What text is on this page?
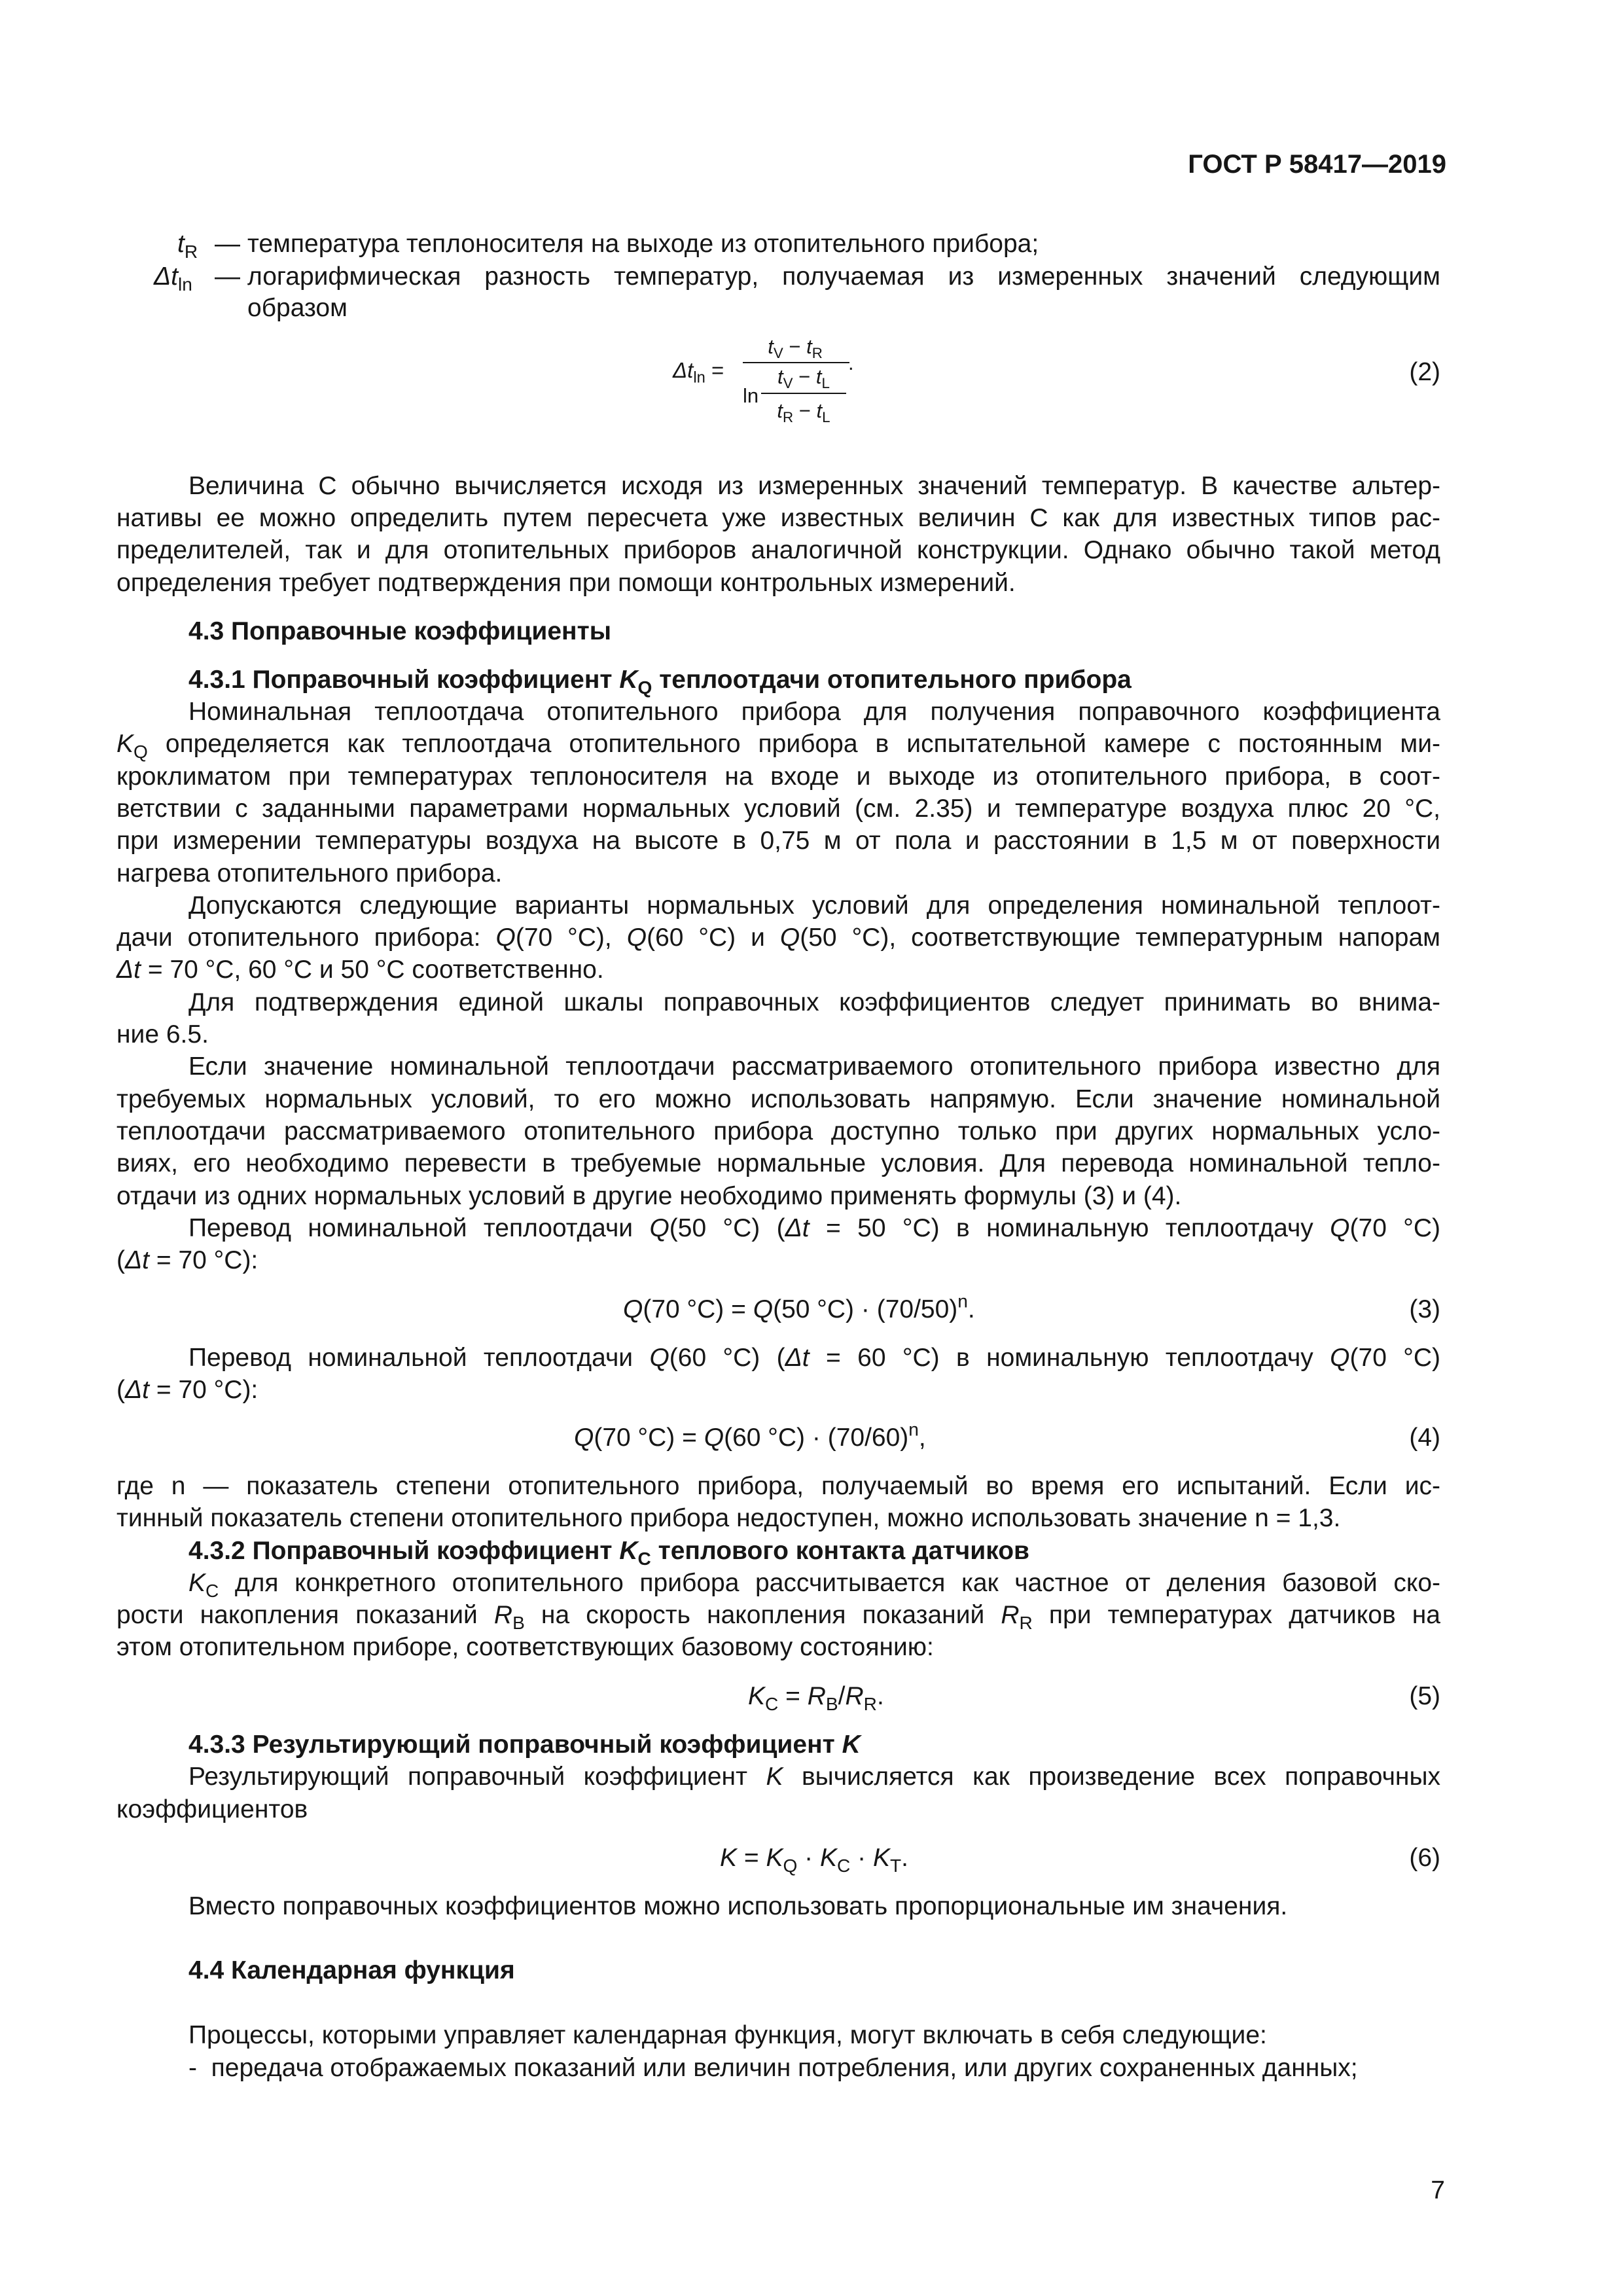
ГОСТ Р 58417—2019
$t_R$ — температура теплоносителя на выходе из отопительного прибора;
$\Delta t_{ln}$ — логарифмическая разность температур, получаемая из измеренных значений следующим
образом
$\Delta t_{ln}$ =
$t_V - t_R$
ln
$t_V - t_L$
$t_R - t_L$
.	(2)
Величина С обычно вычисляется исходя из измеренных значений температур. В качестве альтер-
нативы ее можно определить путем пересчета уже известных величин С как для известных типов рас-
пределителей, так и для отопительных приборов аналогичной конструкции. Однако обычно такой метод
определения требует подтверждения при помощи контрольных измерений.
4.3 Поправочные коэффициенты
4.3.1 Поправочный коэффициент $K_Q$ теплоотдачи отопительного прибора
Номинальная теплоотдача отопительного прибора для получения поправочного коэффициента
$K_Q$ определяется как теплоотдача отопительного прибора в испытательной камере с постоянным ми-
кроклиматом при температурах теплоносителя на входе и выходе из отопительного прибора, в соот-
ветствии с заданными параметрами нормальных условий (см. 2.35) и температуре воздуха плюс 20 °С,
при измерении температуры воздуха на высоте в 0,75 м от пола и расстоянии в 1,5 м от поверхности
нагрева отопительного прибора.
Допускаются следующие варианты нормальных условий для определения номинальной теплоот-
дачи отопительного прибора: Q(70 °С), Q(60 °С) и Q(50 °С), соответствующие температурным напорам
Δt = 70 °С, 60 °С и 50 °С соответственно.
Для подтверждения единой шкалы поправочных коэффициентов следует принимать во внима-
ние 6.5.
Если значение номинальной теплоотдачи рассматриваемого отопительного прибора известно для
требуемых нормальных условий, то его можно использовать напрямую. Если значение номинальной
теплоотдачи рассматриваемого отопительного прибора доступно только при других нормальных усло-
виях, его необходимо перевести в требуемые нормальные условия. Для перевода номинальной тепло-
отдачи из одних нормальных условий в другие необходимо применять формулы (3) и (4).
Перевод номинальной теплоотдачи Q(50 °С) (Δt = 50 °С) в номинальную теплоотдачу Q(70 °С)
(Δt = 70 °С):
Q(70 °С) = Q(50 $^\circ С) \cdot (70/50)^n$.	(3)
Перевод номинальной теплоотдачи Q(60 °С) (Δt = 60 °С) в номинальную теплоотдачу Q(70 °С)
(Δt = 70 °С):
Q(70 °С) = Q(60 $^\circ С) \cdot (70/60)^n$,	(4)
где n — показатель степени отопительного прибора, получаемый во время его испытаний. Если ис-
тинный показатель степени отопительного прибора недоступен, можно использовать значение n = 1,3.
4.3.2 Поправочный коэффициент $K_C$ теплового контакта датчиков
$K_C$ для конкретного отопительного прибора рассчитывается как частное от деления базовой ско-
рости накопления показаний $R_B$ на скорость накопления показаний $R_R$ при температурах датчиков на
этом отопительном приборе, соответствующих базовому состоянию:
$K_C = R_B/R_R$.	(5)
4.3.3 Результирующий поправочный коэффициент K
Результирующий поправочный коэффициент K вычисляется как произведение всех поправочных
коэффициентов
$K = K_Q \cdot K_C \cdot K_T$.	(6)
Вместо поправочных коэффициентов можно использовать пропорциональные им значения.
4.4 Календарная функция
Процессы, которыми управляет календарная функция, могут включать в себя следующие:
- передача отображаемых показаний или величин потребления, или других сохраненных данных;
7
